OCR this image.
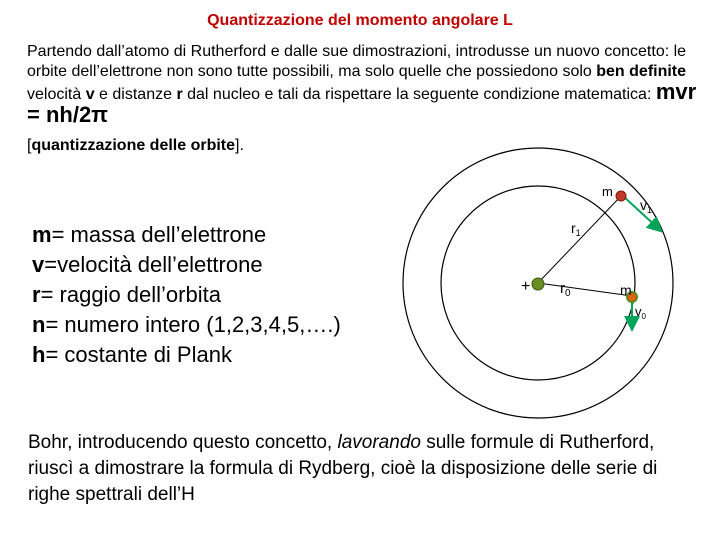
Quantizzazione del momento angolare L

Partendo dall’atomo di Rutherford e dalle sue dimostrazioni, introdusse un nuovo concetto: le orbite dell’elettrone non sono tutte possibili, ma solo quelle che possiedono solo ben definite velocità v e distanze r dal nucleo e tali da rispettare la seguente condizione matematica: mvr = nh/2π

[quantizzazione delle orbite].

m= massa dell’elettrone
v=velocità dell’elettrone
r= raggio dell’orbita
n= numero intero (1,2,3,4,5,….)
h= costante di Plank
+
m
$v_1$
$r_1$
$r_0$	m
$v_0$
Bohr, introducendo questo concetto, lavorando sulle formule di Rutherford, riuscì a dimostrare la formula di Rydberg, cioè la disposizione delle serie di righe spettrali dell’H
